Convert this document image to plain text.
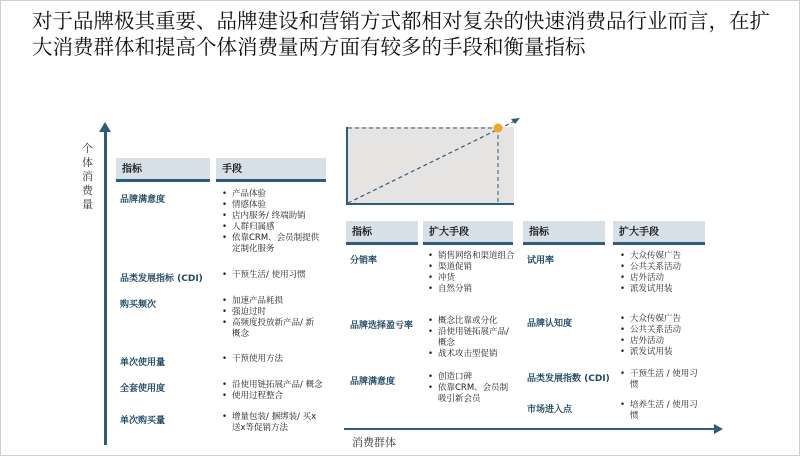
对于品牌极其重要、品牌建设和营销方式都相对复杂的快速消费品行业而言，在扩大消费群体和提高个体消费量两方面有较多的手段和衡量指标
个体消费量
消费群体
指标	手段
品牌满意度
• 产品体验
• 情感体验
• 店内服务/ 终端助销
• 人群归属感
• 依靠CRM、会员制提供定制化服务
品类发展指标 (CDI)	• 干预生活/ 使用习惯
购买频次	• 加速产品耗损
• 强迫过时
• 高频度投放新产品/ 新概念
单次使用量	• 干预使用方法
全套使用度	• 沿使用链拓展产品/ 概念
• 使用过程整合
单次购买量	• 增量包装/ 捆绑装/ 买x送x等促销方法
指标	扩大手段
分销率	• 销售网络和渠道组合
• 渠道促销
• 冲货
• 自然分销
品牌选择盈亏率	• 概念比靠或分化
• 沿使用链拓展产品/ 概念
• 战术攻击型促销
品牌满意度	• 创造口碑
• 依靠CRM、会员制吸引新会员
指标	扩大手段
试用率	• 大众传媒广告
• 公共关系活动
• 店外活动
• 派发试用装
品牌认知度	• 大众传媒广告
• 公共关系活动
• 店外活动
• 派发试用装
品类发展指数 (CDI)	• 干预生活 / 使用习惯
市场进入点	• 培养生活 / 使用习惯
